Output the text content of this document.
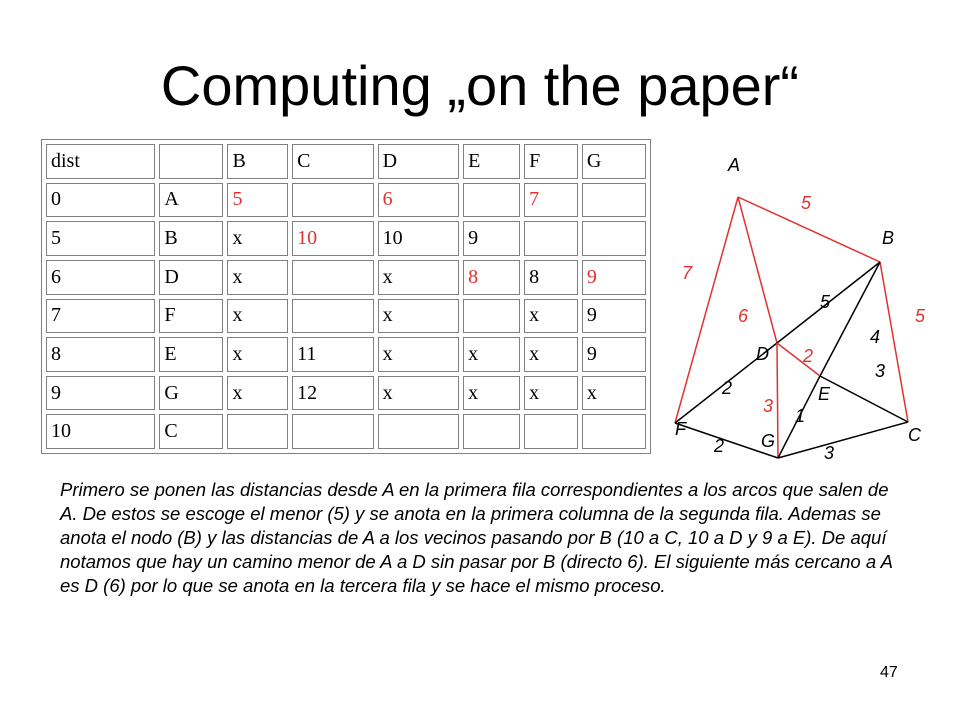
Computing „on the paper“
dist		B	C	D	E	F	G
0	A	5		6		7	
5	B	x	10	10	9		
6	D	x		x	8	8	9
7	F	x		x		x	9
8	E	x	11	x	x	x	9
9	G	x	12	x	x	x	x
10	C						
A
B
C
D
E
F
G
5
7
6	5
5
4
2
3
2
3 1
2	3
Primero se ponen las distancias desde A en la primera fila correspondientes a los arcos que salen de A. De estos se escoge el menor (5) y se anota en la primera columna de la segunda fila. Ademas se anota el nodo (B) y las distancias de A a los vecinos pasando por B (10 a C, 10 a D y 9 a E). De aquí notamos que hay un camino menor de A a D sin pasar por B (directo 6). El siguiente más cercano a A es D (6) por lo que se anota en la tercera fila y se hace el mismo proceso.
47
